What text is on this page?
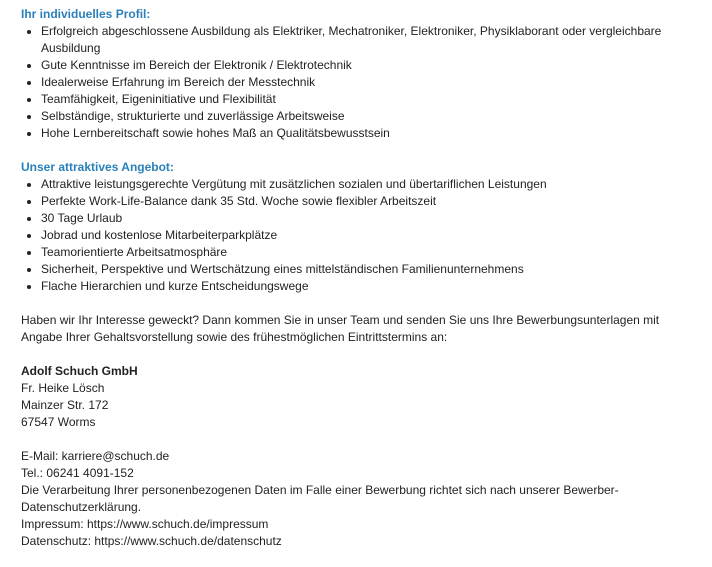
Ihr individuelles Profil:

• Erfolgreich abgeschlossene Ausbildung als Elektriker, Mechatroniker, Elektroniker, Physiklaborant oder vergleichbare Ausbildung
• Gute Kenntnisse im Bereich der Elektronik / Elektrotechnik
• Idealerweise Erfahrung im Bereich der Messtechnik
• Teamfähigkeit, Eigeninitiative und Flexibilität
• Selbständige, strukturierte und zuverlässige Arbeitsweise
• Hohe Lernbereitschaft sowie hohes Maß an Qualitätsbewusstsein

Unser attraktives Angebot:

• Attraktive leistungsgerechte Vergütung mit zusätzlichen sozialen und übertariflichen Leistungen
• Perfekte Work-Life-Balance dank 35 Std. Woche sowie flexibler Arbeitszeit
• 30 Tage Urlaub
• Jobrad und kostenlose Mitarbeiterparkplätze
• Teamorientierte Arbeitsatmosphäre
• Sicherheit, Perspektive und Wertschätzung eines mittelständischen Familienunternehmens
• Flache Hierarchien und kurze Entscheidungswege

Haben wir Ihr Interesse geweckt? Dann kommen Sie in unser Team und senden Sie uns Ihre Bewerbungsunterlagen mit Angabe Ihrer Gehaltsvorstellung sowie des frühestmöglichen Eintrittstermins an:

Adolf Schuch GmbH

Fr. Heike Lösch

Mainzer Str. 172

67547 Worms

E-Mail: karriere@schuch.de

Tel.: 06241 4091-152

Die Verarbeitung Ihrer personenbezogenen Daten im Falle einer Bewerbung richtet sich nach unserer Bewerber-Datenschutzerklärung.

Impressum: https://www.schuch.de/impressum

Datenschutz: https://www.schuch.de/datenschutz
